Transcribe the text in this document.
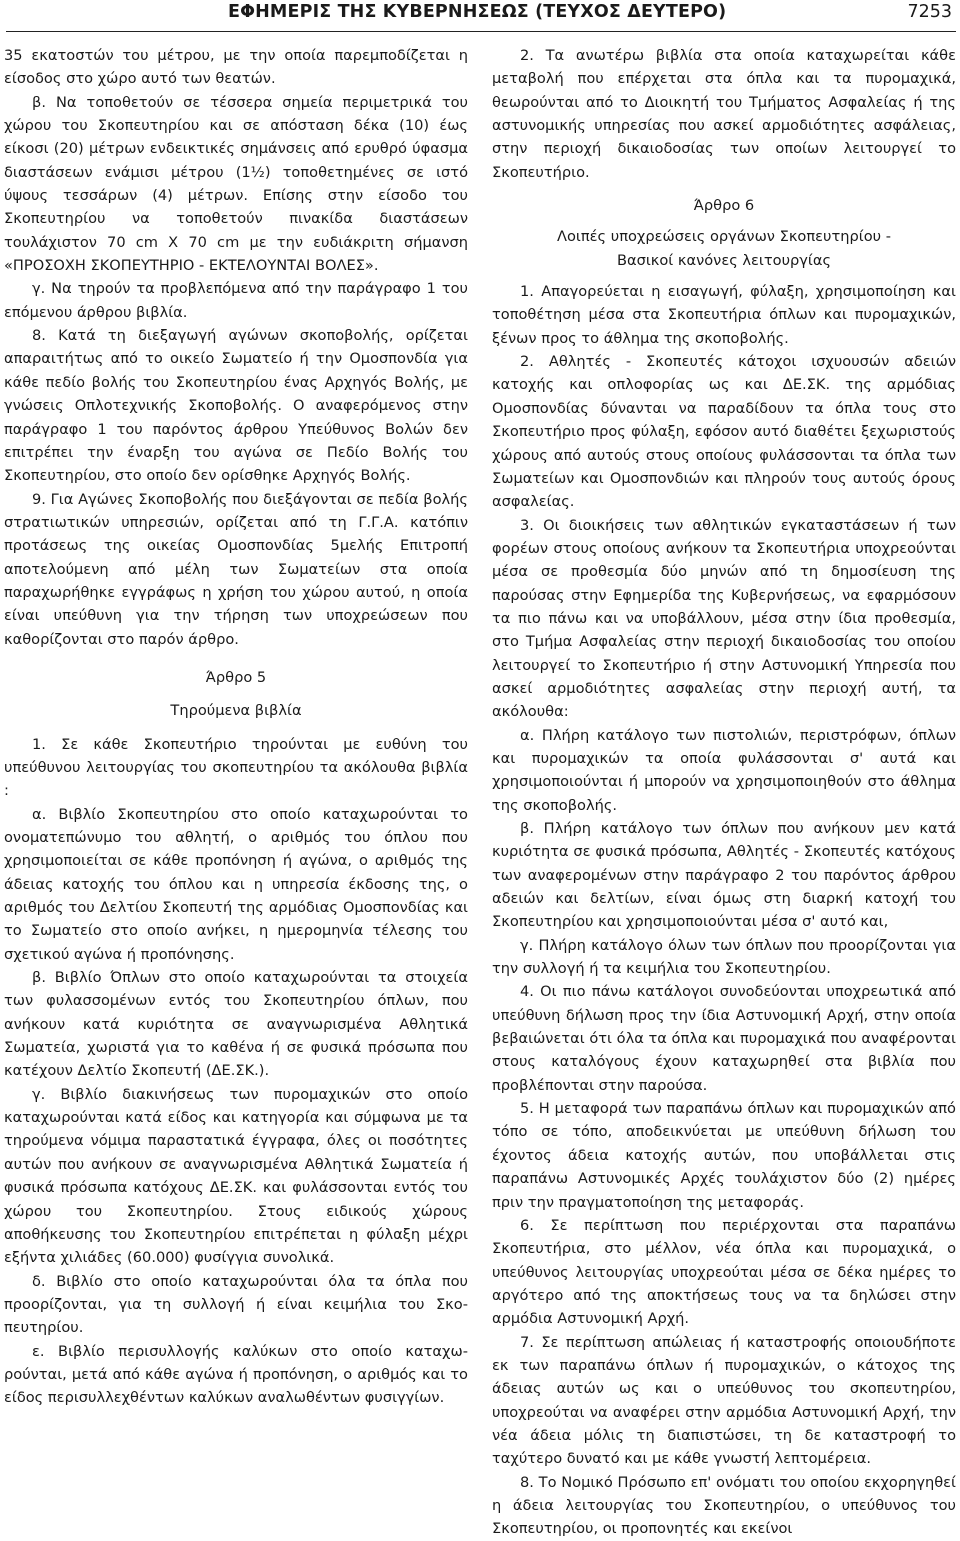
ΕΦΗΜΕΡΙΣ ΤΗΣ ΚΥΒΕΡΝΗΣΕΩΣ (ΤΕΥΧΟΣ ΔΕΥΤΕΡΟ)	7253

35 εκατοστών του μέτρου, με την οποία παρεμποδίζεται η είσοδος στο χώρο αυτό των θεατών.

β. Να τοποθετούν σε τέσσερα σημεία περιμετρικά του χώρου του Σκοπευτηρίου και σε απόσταση δέκα (10) έως είκοσι (20) μέτρων ενδεικτικές σημάνσεις από ερυθρό ύφασμα διαστάσεων ενάμισι μέτρου (1½) τοποθετημένες σε ιστό ύψους τεσσάρων (4) μέτρων. Επίσης στην είσοδο του Σκοπευτηρίου να τοποθετούν πινακίδα διαστάσεων τουλάχιστον 70 cm X 70 cm με την ευδιάκριτη σήμανση «ΠΡΟΣΟΧΗ ΣΚΟΠΕΥΤΗΡΙΟ - ΕΚΤΕΛΟΥΝΤΑΙ ΒΟΛΕΣ».

γ. Να τηρούν τα προβλεπόμενα από την παράγραφο 1 του επόμενου άρθρου βιβλία.

8. Κατά τη διεξαγωγή αγώνων σκοποβολής, ορίζεται απαραιτήτως από το οικείο Σωματείο ή την Ομοσπονδία για κάθε πεδίο βολής του Σκοπευτηρίου ένας Αρχηγός Βολής, με γνώσεις Οπλοτεχνικής Σκοποβολής. Ο αναφερόμενος στην παράγραφο 1 του παρόντος άρθρου Υπεύθυνος Βολών δεν επιτρέπει την έναρξη του αγώνα σε Πεδίο Βολής του Σκοπευτηρίου, στο οποίο δεν ορίσθηκε Αρχηγός Βολής.

9. Για Αγώνες Σκοποβολής που διεξάγονται σε πεδία βολής στρατιωτικών υπηρεσιών, ορίζεται από τη Γ.Γ.Α. κατόπιν προτάσεως της οικείας Ομοσπονδίας 5μελής Επιτροπή αποτελούμενη από μέλη των Σωματείων στα οποία παραχωρήθηκε εγγράφως η χρήση του χώρου αυτού, η οποία είναι υπεύθυνη για την τήρηση των υποχρεώσεων που καθορίζονται στο παρόν άρθρο.

Άρθρο 5

Τηρούμενα βιβλία

1. Σε κάθε Σκοπευτήριο τηρούνται με ευθύνη του υπεύθυνου λειτουργίας του σκοπευτηρίου τα ακόλουθα βιβλία :

α. Βιβλίο Σκοπευτηρίου στο οποίο καταχωρούνται το ονοματεπώνυμο του αθλητή, ο αριθμός του όπλου που χρησιμοποιείται σε κάθε προπόνηση ή αγώνα, ο αριθμός της άδειας κατοχής του όπλου και η υπηρεσία έκδοσης της, ο αριθμός του Δελτίου Σκοπευτή της αρμόδιας Ομοσπονδίας και το Σωματείο στο οποίο ανήκει, η ημερομηνία τέλεσης του σχετικού αγώνα ή προπόνησης.

β. Βιβλίο Όπλων στο οποίο καταχωρούνται τα στοιχεία των φυλασσομένων εντός του Σκοπευτηρίου όπλων, που ανήκουν κατά κυριότητα σε αναγνωρισμένα Αθλητικά Σωματεία, χωριστά για το καθένα ή σε φυσικά πρόσωπα που κατέχουν Δελτίο Σκοπευτή (ΔΕ.ΣΚ.).

γ. Βιβλίο διακινήσεως των πυρομαχικών στο οποίο καταχωρούνται κατά είδος και κατηγορία και σύμφωνα με τα τηρούμενα νόμιμα παραστατικά έγγραφα, όλες οι ποσότητες αυτών που ανήκουν σε αναγνωρισμένα Αθλητικά Σωματεία ή φυσικά πρόσωπα κατόχους ΔΕ.ΣΚ. και φυλάσσονται εντός του χώρου του Σκοπευτηρίου. Στους ειδικούς χώρους αποθήκευσης του Σκοπευτηρίου επιτρέπεται η φύλαξη μέχρι εξήντα χιλιάδες (60.000) φυσίγγια συνολικά.

δ. Βιβλίο στο οποίο καταχωρούνται όλα τα όπλα που προορίζονται, για τη συλλογή ή είναι κειμήλια του Σκοπευτηρίου.

ε. Βιβλίο περισυλλογής καλύκων στο οποίο καταχωρούνται, μετά από κάθε αγώνα ή προπόνηση, ο αριθμός και το είδος περισυλλεχθέντων καλύκων αναλωθέντων φυσιγγίων.

2. Τα ανωτέρω βιβλία στα οποία καταχωρείται κάθε μεταβολή που επέρχεται στα όπλα και τα πυρομαχικά, θεωρούνται από το Διοικητή του Τμήματος Ασφαλείας ή της αστυνομικής υπηρεσίας που ασκεί αρμοδιότητες ασφάλειας, στην περιοχή δικαιοδοσίας των οποίων λειτουργεί το Σκοπευτήριο.

Άρθρο 6

Λοιπές υποχρεώσεις οργάνων Σκοπευτηρίου -

Βασικοί κανόνες λειτουργίας

1. Απαγορεύεται η εισαγωγή, φύλαξη, χρησιμοποίηση και τοποθέτηση μέσα στα Σκοπευτήρια όπλων και πυρομαχικών, ξένων προς το άθλημα της σκοποβολής.

2. Αθλητές - Σκοπευτές κάτοχοι ισχυουσών αδειών κατοχής και οπλοφορίας ως και ΔΕ.ΣΚ. της αρμόδιας Ομοσπονδίας δύνανται να παραδίδουν τα όπλα τους στο Σκοπευτήριο προς φύλαξη, εφόσον αυτό διαθέτει ξεχωριστούς χώρους από αυτούς στους οποίους φυλάσσονται τα όπλα των Σωματείων και Ομοσπονδιών και πληρούν τους αυτούς όρους ασφαλείας.

3. Οι διοικήσεις των αθλητικών εγκαταστάσεων ή των φορέων στους οποίους ανήκουν τα Σκοπευτήρια υποχρεούνται μέσα σε προθεσμία δύο μηνών από τη δημοσίευση της παρούσας στην Εφημερίδα της Κυβερνήσεως, να εφαρμόσουν τα πιο πάνω και να υποβάλλουν, μέσα στην ίδια προθεσμία, στο Τμήμα Ασφαλείας στην περιοχή δικαιοδοσίας του οποίου λειτουργεί το Σκοπευτήριο ή στην Αστυνομική Υπηρεσία που ασκεί αρμοδιότητες ασφαλείας στην περιοχή αυτή, τα ακόλουθα:

α. Πλήρη κατάλογο των πιστολιών, περιστρόφων, όπλων και πυρομαχικών τα οποία φυλάσσονται σ' αυτά και χρησιμοποιούνται ή μπορούν να χρησιμοποιηθούν στο άθλημα της σκοποβολής.

β. Πλήρη κατάλογο των όπλων που ανήκουν μεν κατά κυριότητα σε φυσικά πρόσωπα, Αθλητές - Σκοπευτές κατόχους των αναφερομένων στην παράγραφο 2 του παρόντος άρθρου αδειών και δελτίων, είναι όμως στη διαρκή κατοχή του Σκοπευτηρίου και χρησιμοποιούνται μέσα σ' αυτό και,

γ. Πλήρη κατάλογο όλων των όπλων που προορίζονται για την συλλογή ή τα κειμήλια του Σκοπευτηρίου.

4. Οι πιο πάνω κατάλογοι συνοδεύονται υποχρεωτικά από υπεύθυνη δήλωση προς την ίδια Αστυνομική Αρχή, στην οποία βεβαιώνεται ότι όλα τα όπλα και πυρομαχικά που αναφέρονται στους καταλόγους έχουν καταχωρηθεί στα βιβλία που προβλέπονται στην παρούσα.

5. Η μεταφορά των παραπάνω όπλων και πυρομαχικών από τόπο σε τόπο, αποδεικνύεται με υπεύθυνη δήλωση του έχοντος άδεια κατοχής αυτών, που υποβάλλεται στις παραπάνω Αστυνομικές Αρχές τουλάχιστον δύο (2) ημέρες πριν την πραγματοποίηση της μεταφοράς.

6. Σε περίπτωση που περιέρχονται στα παραπάνω Σκοπευτήρια, στο μέλλον, νέα όπλα και πυρομαχικά, ο υπεύθυνος λειτουργίας υποχρεούται μέσα σε δέκα ημέρες το αργότερο από της αποκτήσεως τους να τα δηλώσει στην αρμόδια Αστυνομική Αρχή.

7. Σε περίπτωση απώλειας ή καταστροφής οποιουδήποτε εκ των παραπάνω όπλων ή πυρομαχικών, ο κάτοχος της άδειας αυτών ως και ο υπεύθυνος του σκοπευτηρίου, υποχρεούται να αναφέρει στην αρμόδια Αστυνομική Αρχή, την νέα άδεια μόλις τη διαπιστώσει, τη δε καταστροφή το ταχύτερο δυνατό και με κάθε γνωστή λεπτομέρεια.

8. Το Νομικό Πρόσωπο επ' ονόματι του οποίου εκχορηγηθεί η άδεια λειτουργίας του Σκοπευτηρίου, ο υπεύθυνος του Σκοπευτηρίου, οι προπονητές και εκείνοι
